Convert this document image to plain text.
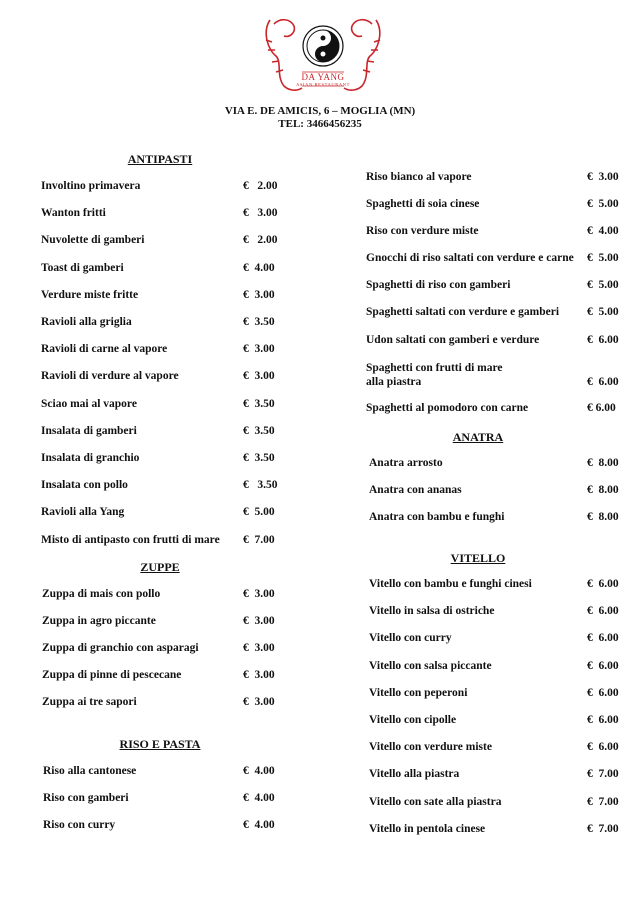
DA YANG
ASIAN RESTAURANT
VIA E. DE AMICIS, 6 – MOGLIA (MN)

TEL: 3466456235
ANTIPASTI
Involtino primavera	€   2.00
Wanton fritti	€   3.00
Nuvolette di gamberi	€   2.00
Toast di gamberi	€  4.00
Verdure miste fritte	€  3.00
Ravioli alla griglia	€  3.50
Ravioli di carne al vapore	€  3.00
Ravioli di verdure al vapore	€  3.00
Sciao mai al vapore	€  3.50
Insalata di gamberi	€  3.50
Insalata di granchio	€  3.50
Insalata con pollo	€   3.50
Ravioli alla Yang	€  5.00
Misto di antipasto con frutti di mare €  7.00
ZUPPE
Zuppa di mais con pollo	€  3.00
Zuppa in agro piccante	€  3.00
Zuppa di granchio con asparagi	€  3.00
Zuppa di pinne di pescecane	€  3.00
Zuppa ai tre sapori	€  3.00
RISO E PASTA
Riso alla cantonese	€  4.00
Riso con gamberi	€  4.00
Riso con curry	€  4.00
Riso bianco al vapore	€  3.00
Spaghetti di soia cinese	€  5.00
Riso con verdure miste	€  4.00
Gnocchi di riso saltati con verdure e carne €  5.00
Spaghetti di riso con gamberi	€  5.00
Spaghetti saltati con verdure e gamberi €  5.00
Udon saltati con gamberi e verdure	€  6.00
Spaghetti con frutti di mare
alla piastra	€  6.00
Spaghetti al pomodoro con carne	€ 6.00
ANATRA
Anatra arrosto	€  8.00
Anatra con ananas	€  8.00
Anatra con bambu e funghi	€  8.00
VITELLO
Vitello con bambu e funghi cinesi	€  6.00
Vitello in salsa di ostriche	€  6.00
Vitello con curry	€  6.00
Vitello con salsa piccante	€  6.00
Vitello con peperoni	€  6.00
Vitello con cipolle	€  6.00
Vitello con verdure miste	€  6.00
Vitello alla piastra	€  7.00
Vitello con sate alla piastra	€  7.00
Vitello in pentola cinese	€  7.00
